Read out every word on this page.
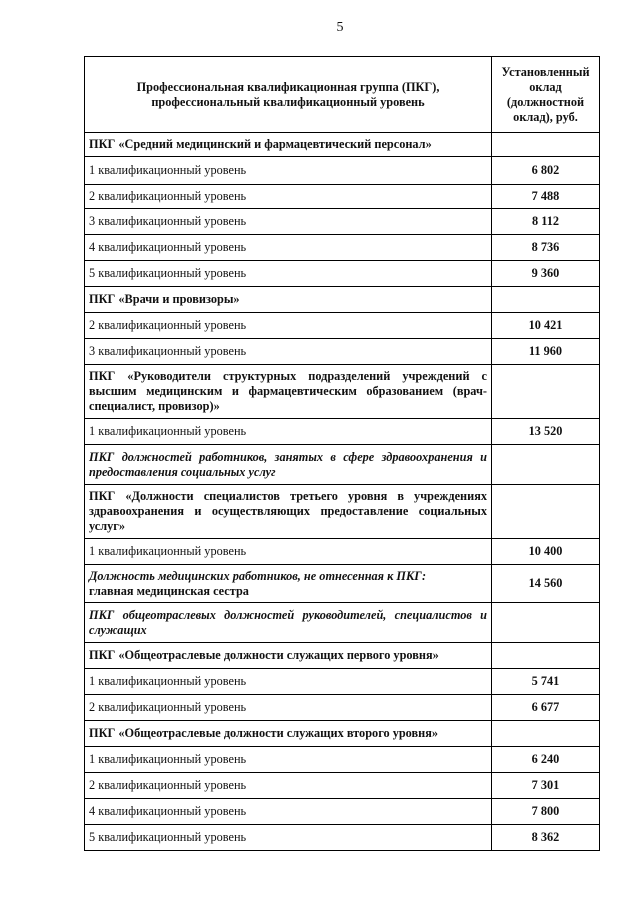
5
Профессиональная квалификационная группа (ПКГ), профессиональный квалификационный уровень	Установленный оклад (должностной оклад), руб.
ПКГ «Средний медицинский и фармацевтический персонал»	
1 квалификационный уровень	6 802
2 квалификационный уровень	7 488
3 квалификационный уровень	8 112
4 квалификационный уровень	8 736
5 квалификационный уровень	9 360
ПКГ «Врачи и провизоры»	
2 квалификационный уровень	10 421
3 квалификационный уровень	11 960
ПКГ «Руководители структурных подразделений учреждений с высшим медицинским и фармацевтическим образованием (врач-специалист, провизор)»	
1 квалификационный уровень	13 520
ПКГ должностей работников, занятых в сфере здравоохранения и предоставления социальных услуг	
ПКГ «Должности специалистов третьего уровня в учреждениях здравоохранения и осуществляющих предоставление социальных услуг»	
1 квалификационный уровень	10 400

Должность медицинских работников, не отнесенная к ПКГ:
главная медицинская сестра	14 560
ПКГ общеотраслевых должностей руководителей, специалистов и служащих	
ПКГ «Общеотраслевые должности служащих первого уровня»	
1 квалификационный уровень	5 741
2 квалификационный уровень	6 677
ПКГ «Общеотраслевые должности служащих второго уровня»	
1 квалификационный уровень	6 240
2 квалификационный уровень	7 301
4 квалификационный уровень	7 800
5 квалификационный уровень	8 362
